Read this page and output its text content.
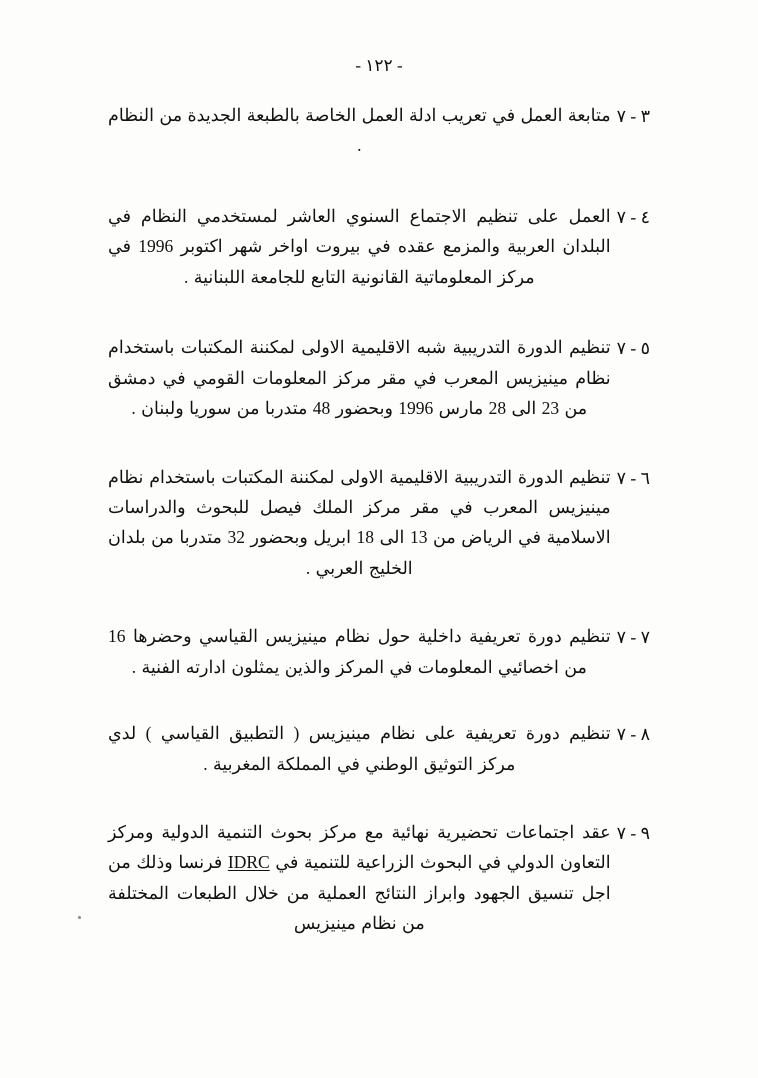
- ١٢٢ -
٣ - ٧
متابعة العمل في تعريب ادلة العمل الخاصة بالطبعة الجديدة من النظام .
٤ - ٧
العمل على تنظيم الاجتماع السنوي العاشر لمستخدمي النظام في البلدان العربية والمزمع عقده في بيروت اواخر شهر اكتوبر 1996 في مركز المعلوماتية القانونية التابع للجامعة اللبنانية .
٥ - ٧
تنظيم الدورة التدريبية شبه الاقليمية الاولى لمكننة المكتبات باستخدام نظام مينيزيس المعرب في مقر مركز المعلومات القومي في دمشق من 23 الى 28 مارس 1996 وبحضور 48 متدربا من سوريا ولبنان .
٦ - ٧
تنظيم الدورة التدريبية الاقليمية الاولى لمكننة المكتبات باستخدام نظام مينيزيس المعرب في مقر مركز الملك فيصل للبحوث والدراسات الاسلامية في الرياض من 13 الى 18 ابريل وبحضور 32 متدربا من بلدان الخليج العربي .
٧ - ٧
تنظيم دورة تعريفية داخلية حول نظام مينيزيس القياسي وحضرها 16 من اخصائيي المعلومات في المركز والذين يمثلون ادارته الفنية .
٨ - ٧
تنظيم دورة تعريفية على نظام مينيزيس ( التطبيق القياسي ) لدي مركز التوثيق الوطني في المملكة المغربية .
٩ - ٧
عقد اجتماعات تحضيرية نهائية مع مركز بحوث التنمية الدولية ومركز التعاون الدولي في البحوث الزراعية للتنمية في IDRC فرنسا وذلك من اجل تنسيق الجهود وابراز النتائج العملية من خلال الطبعات المختلفة من نظام مينيزيس
